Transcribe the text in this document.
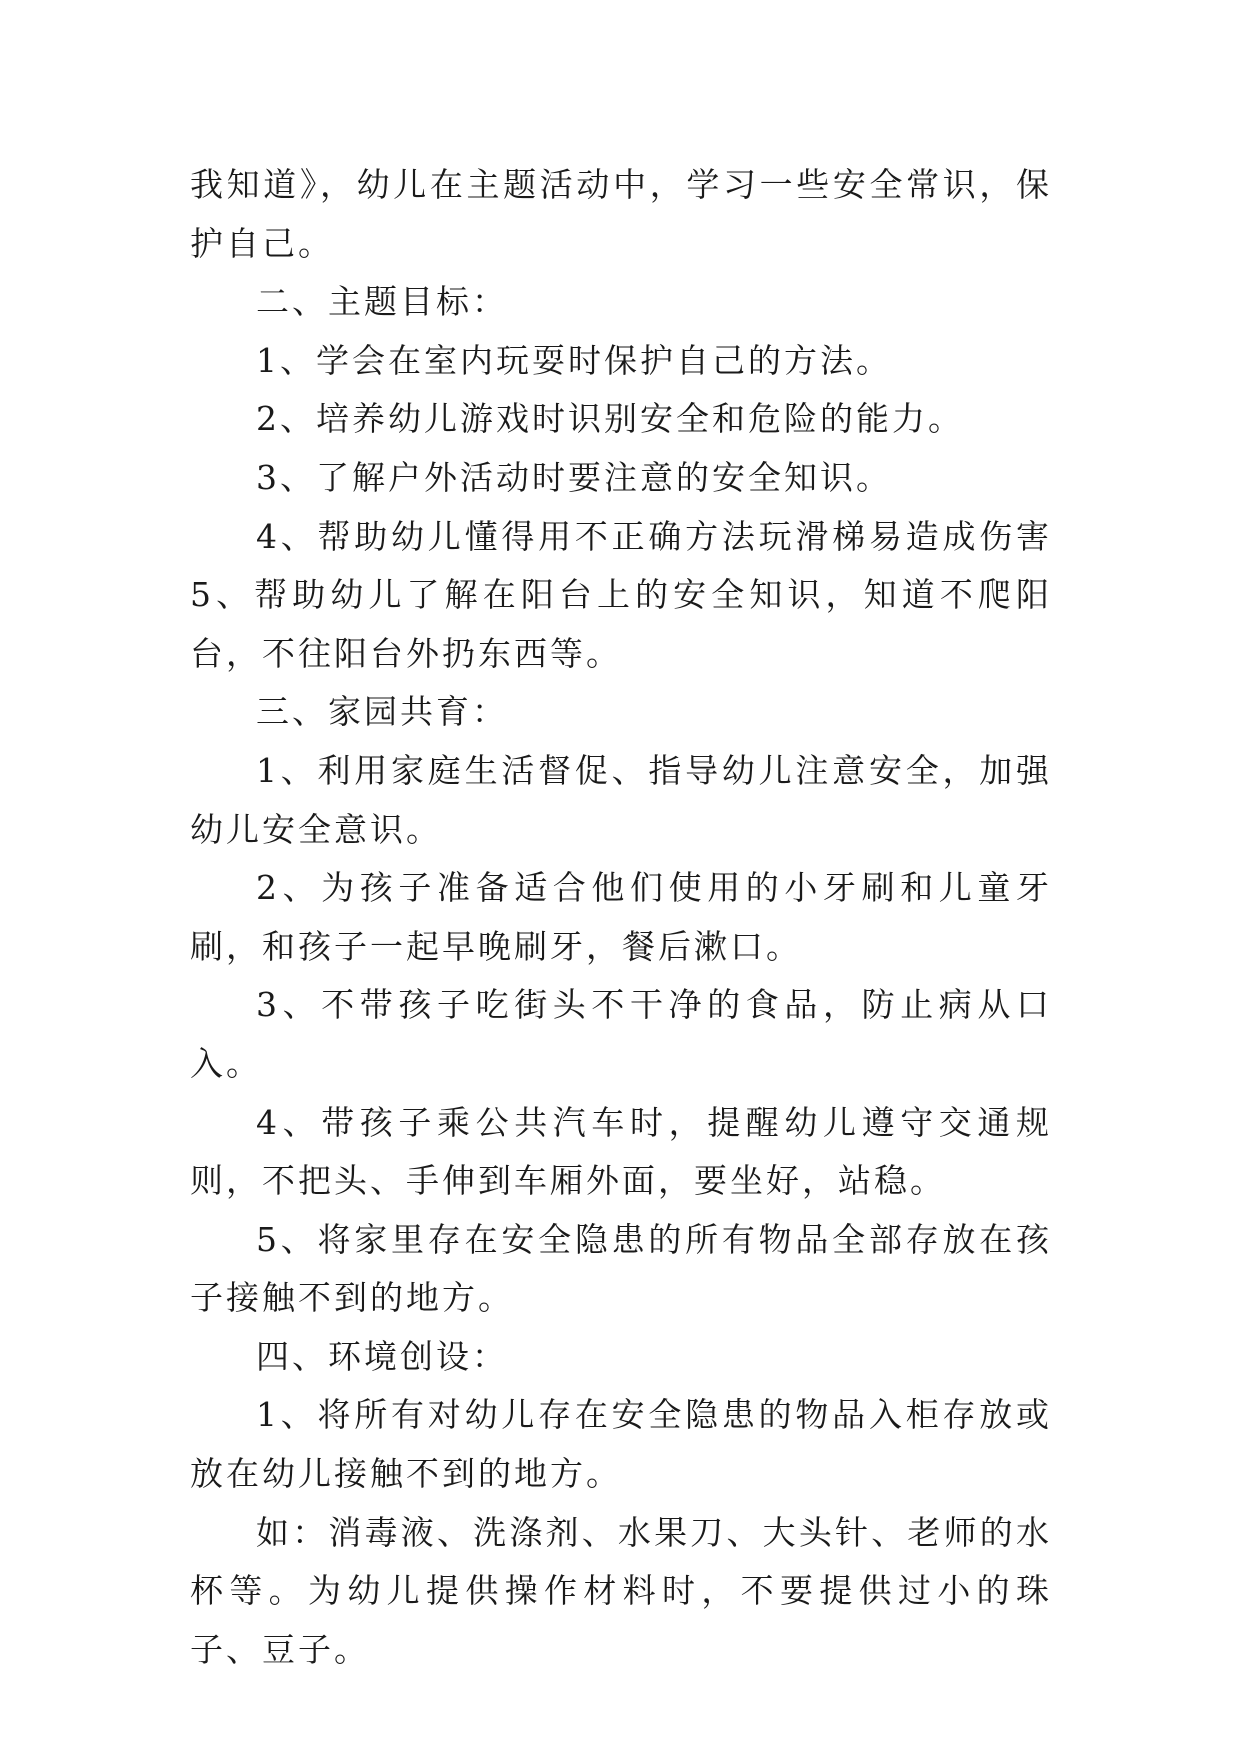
我知道》，幼儿在主题活动中，学习一些安全常识，保护自己。

二、主题目标：

1、学会在室内玩耍时保护自己的方法。

2、培养幼儿游戏时识别安全和危险的能力。

3、了解户外活动时要注意的安全知识。

4、帮助幼儿懂得用不正确方法玩滑梯易造成伤害5、帮助幼儿了解在阳台上的安全知识，知道不爬阳台，不往阳台外扔东西等。

三、家园共育：

1、利用家庭生活督促、指导幼儿注意安全，加强幼儿安全意识。

2、为孩子准备适合他们使用的小牙刷和儿童牙刷，和孩子一起早晚刷牙，餐后漱口。

3、不带孩子吃街头不干净的食品，防止病从口入。

4、带孩子乘公共汽车时，提醒幼儿遵守交通规则，不把头、手伸到车厢外面，要坐好，站稳。

5、将家里存在安全隐患的所有物品全部存放在孩子接触不到的地方。

四、环境创设：

1、将所有对幼儿存在安全隐患的物品入柜存放或放在幼儿接触不到的地方。

如：消毒液、洗涤剂、水果刀、大头针、老师的水杯等。为幼儿提供操作材料时，不要提供过小的珠子、豆子。
